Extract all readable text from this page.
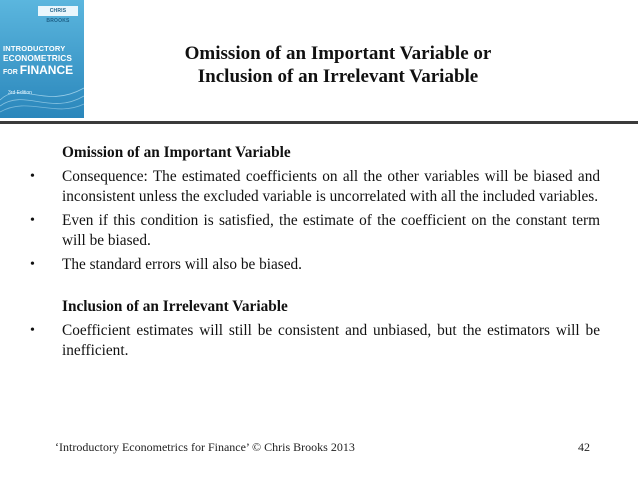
CHRIS BROOKS
INTRODUCTORY
ECONOMETRICS
FOR FINANCE
3rd Edition
Omission of an Important Variable or
Inclusion of an Irrelevant Variable
Omission of an Important Variable
•	Consequence: The estimated coefficients on all the other variables will be biased and inconsistent unless the excluded variable is uncorrelated with all the included variables.
•	Even if this condition is satisfied, the estimate of the coefficient on the constant term will be biased.
•	The standard errors will also be biased.
Inclusion of an Irrelevant Variable
•	Coefficient estimates will still be consistent and unbiased, but the estimators will be inefficient.
‘Introductory Econometrics for Finance’ © Chris Brooks 2013	42
